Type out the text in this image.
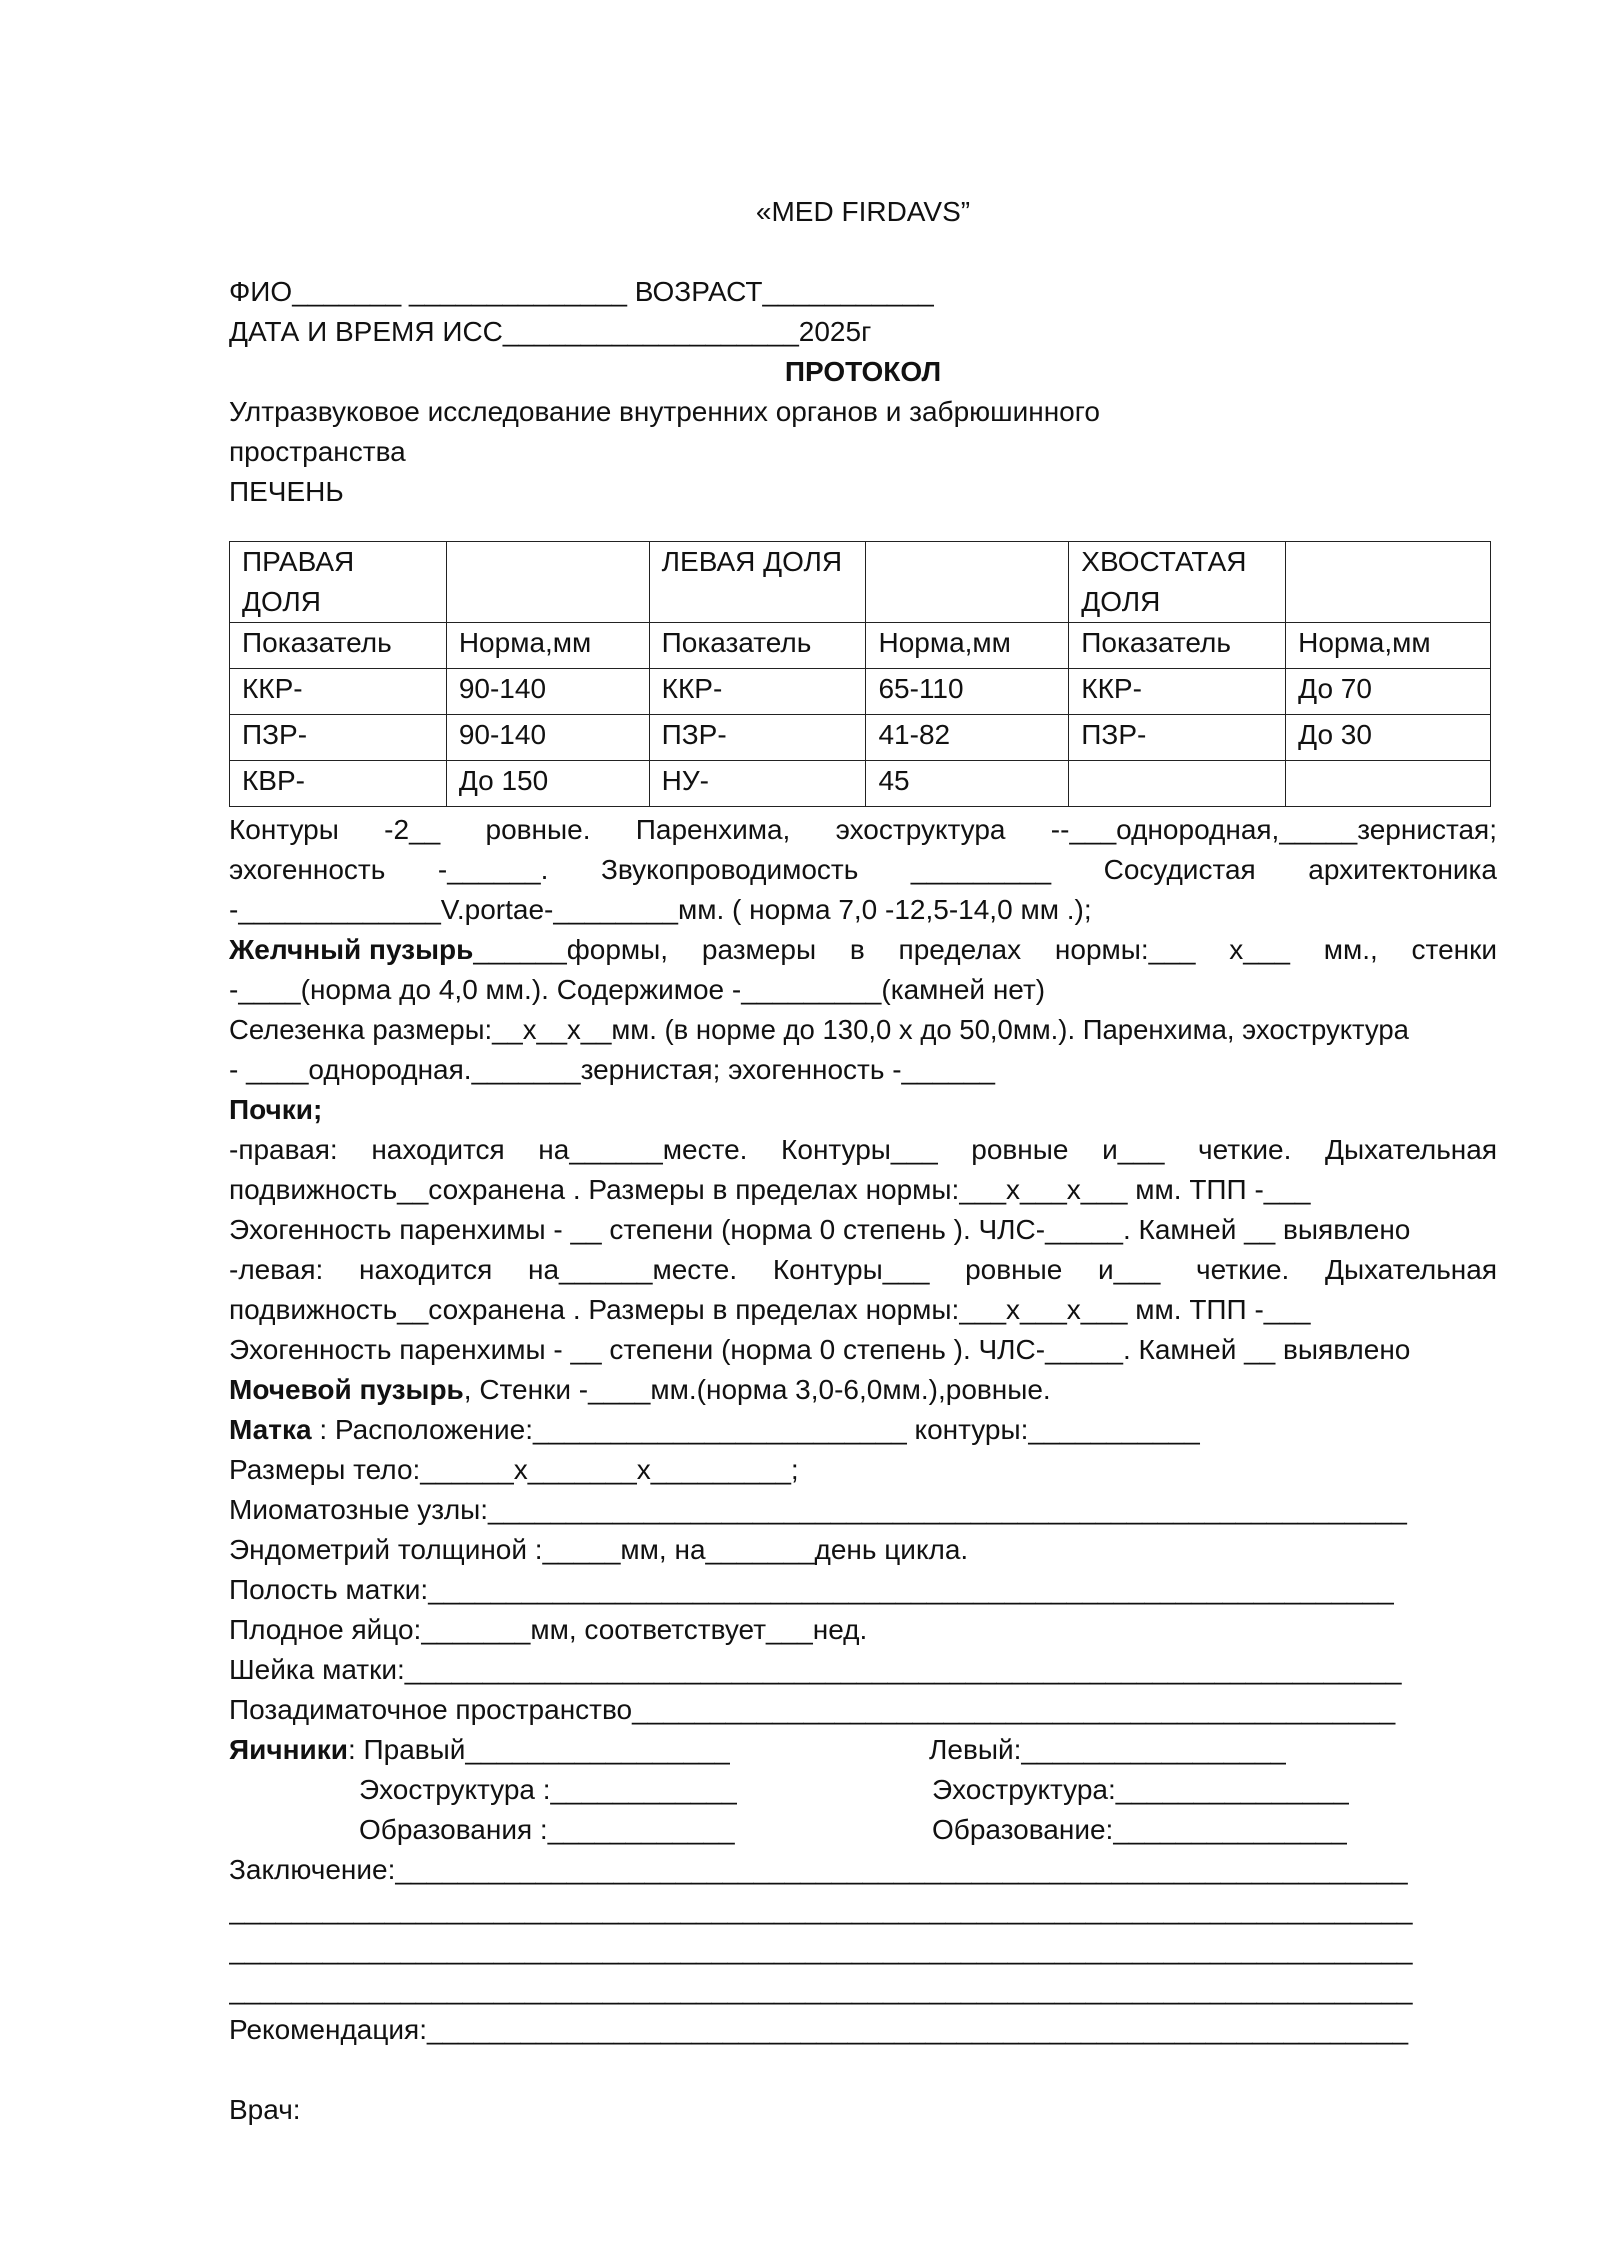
«MED FIRDAVS”
ФИО_______ ______________ ВОЗРАСТ___________
ДАТА И ВРЕМЯ ИСС___________________2025г
ПРОТОКОЛ
Ултразвуковое исследование внутренних органов и забрюшинного
пространства
ПЕЧЕНЬ
ПРАВАЯ ДОЛЯ		ЛЕВАЯ ДОЛЯ		ХВОСТАТАЯ ДОЛЯ	
Показатель	Норма,мм	Показатель	Норма,мм	Показатель	Норма,мм
ККР-	90-140	ККР-	65-110	ККР-	До 70
ПЗР-	90-140	ПЗР-	41-82	ПЗР-	До 30
КВР-	До 150	НУ-	45		
Контуры -2__ ровные. Паренхима, эхоструктура --___однородная,_____зернистая;
эхогенность -______. Звукопроводимость _________ Сосудистая архитектоника
-_____________V.portae-________мм. ( норма 7,0 -12,5-14,0 мм .);
Желчный пузырь ______формы, размеры в пределах нормы:___ х___ мм., стенки
-____(норма до 4,0 мм.). Содержимое -_________(камней нет)
Селезенка размеры:__х__х__мм. (в норме до 130,0 х до 50,0мм.). Паренхима, эхоструктура
- ____однородная._______зернистая; эхогенность -______
Почки;
-правая: находится на______месте. Контуры___ ровные и___ четкие. Дыхательная
подвижность__сохранена . Размеры в пределах нормы:___х___х___ мм. ТПП -___
Эхогенность паренхимы - __ степени (норма 0 степень ). ЧЛС-_____. Камней __ выявлено
-левая: находится на______месте. Контуры___ ровные и___ четкие. Дыхательная
подвижность__сохранена . Размеры в пределах нормы:___х___х___ мм. ТПП -___
Эхогенность паренхимы - __ степени (норма 0 степень ). ЧЛС-_____. Камней __ выявлено
Мочевой пузырь, Стенки -____мм.(норма 3,0-6,0мм.),ровные.
Матка : Расположение:________________________ контуры:___________
Размеры тело:______х_______х_________;
Миоматозные узлы:___________________________________________________________
Эндометрий толщиной :_____мм, на_______день цикла.
Полость матки:______________________________________________________________
Плодное яйцо:_______мм, соответствует___нед.
Шейка матки:________________________________________________________________
Позадиматочное пространство_________________________________________________
Яичники: Правый_________________	Левый:_________________
Эхоструктура :____________	Эхоструктура:_______________
Образования :____________	Образование:_______________
Заключение:_________________________________________________________________
____________________________________________________________________________
____________________________________________________________________________
____________________________________________________________________________
Рекомендация:_______________________________________________________________
Врач:
